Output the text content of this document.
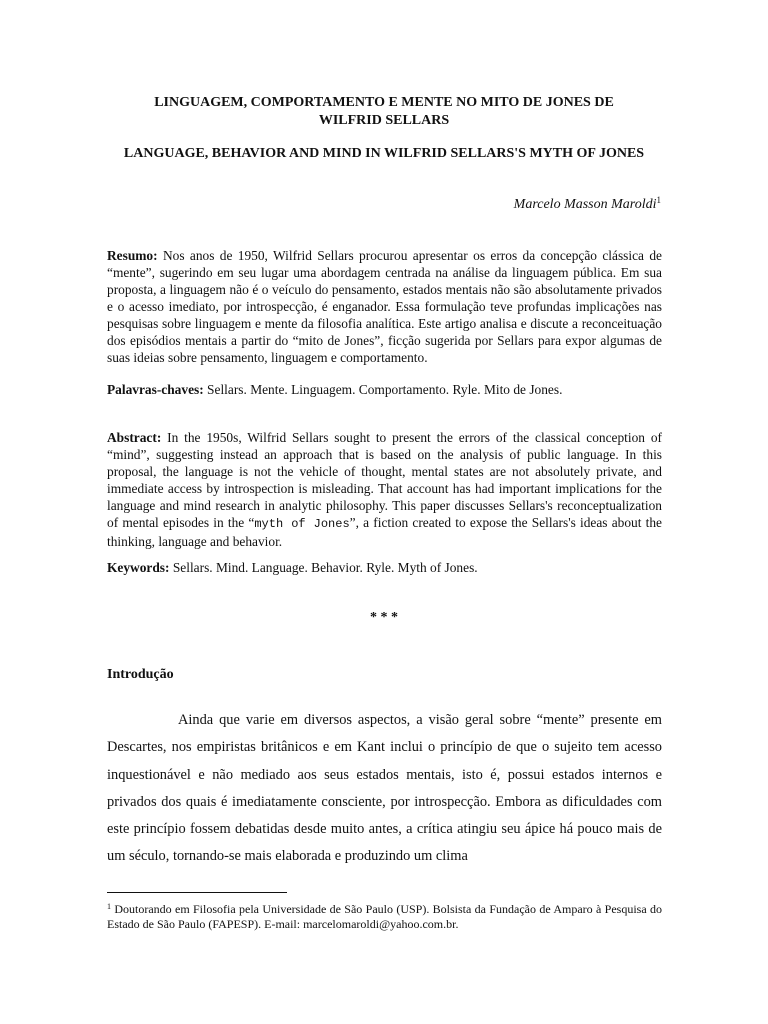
LINGUAGEM, COMPORTAMENTO E MENTE NO MITO DE JONES DE
WILFRID SELLARS
LANGUAGE, BEHAVIOR AND MIND IN WILFRID SELLARS'S MYTH OF JONES
Marcelo Masson Maroldi$^1$
Resumo: Nos anos de 1950, Wilfrid Sellars procurou apresentar os erros da concepção clássica de “mente”, sugerindo em seu lugar uma abordagem centrada na análise da linguagem pública. Em sua proposta, a linguagem não é o veículo do pensamento, estados mentais não são absolutamente privados e o acesso imediato, por introspecção, é enganador. Essa formulação teve profundas implicações nas pesquisas sobre linguagem e mente da filosofia analítica. Este artigo analisa e discute a reconceituação dos episódios mentais a partir do “mito de Jones”, ficção sugerida por Sellars para expor algumas de suas ideias sobre pensamento, linguagem e comportamento.
Palavras-chaves: Sellars. Mente. Linguagem. Comportamento. Ryle. Mito de Jones.
Abstract: In the 1950s, Wilfrid Sellars sought to present the errors of the classical conception of “mind”, suggesting instead an approach that is based on the analysis of public language. In this proposal, the language is not the vehicle of thought, mental states are not absolutely private, and immediate access by introspection is misleading. That account has had important implications for the language and mind research in analytic philosophy. This paper discusses Sellars's reconceptualization of mental episodes in the “myth of Jones”, a fiction created to expose the Sellars's ideas about the thinking, language and behavior.
Keywords: Sellars. Mind. Language. Behavior. Ryle. Myth of Jones.
* * *
Introdução
Ainda que varie em diversos aspectos, a visão geral sobre “mente” presente em Descartes, nos empiristas britânicos e em Kant inclui o princípio de que o sujeito tem acesso inquestionável e não mediado aos seus estados mentais, isto é, possui estados internos e privados dos quais é imediatamente consciente, por introspecção. Embora as dificuldades com este princípio fossem debatidas desde muito antes, a crítica atingiu seu ápice há pouco mais de um século, tornando-se mais elaborada e produzindo um clima
$^1$ Doutorando em Filosofia pela Universidade de São Paulo (USP). Bolsista da Fundação de Amparo à Pesquisa do Estado de São Paulo (FAPESP). E-mail: marcelomaroldi@yahoo.com.br.
